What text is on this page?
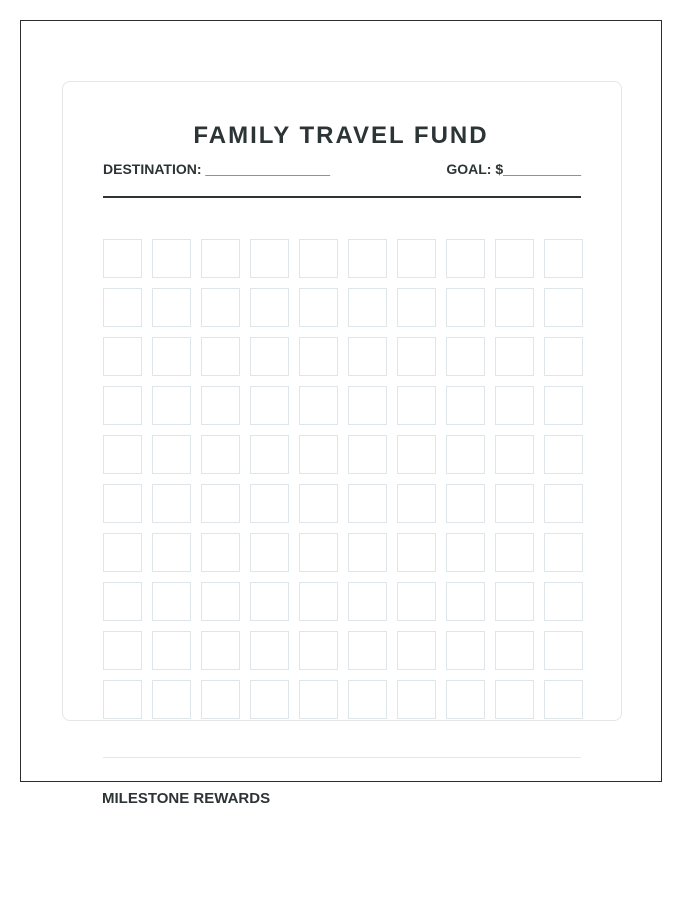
FAMILY TRAVEL FUND
DESTINATION: ________________	GOAL: $__________
MILESTONE REWARDS
